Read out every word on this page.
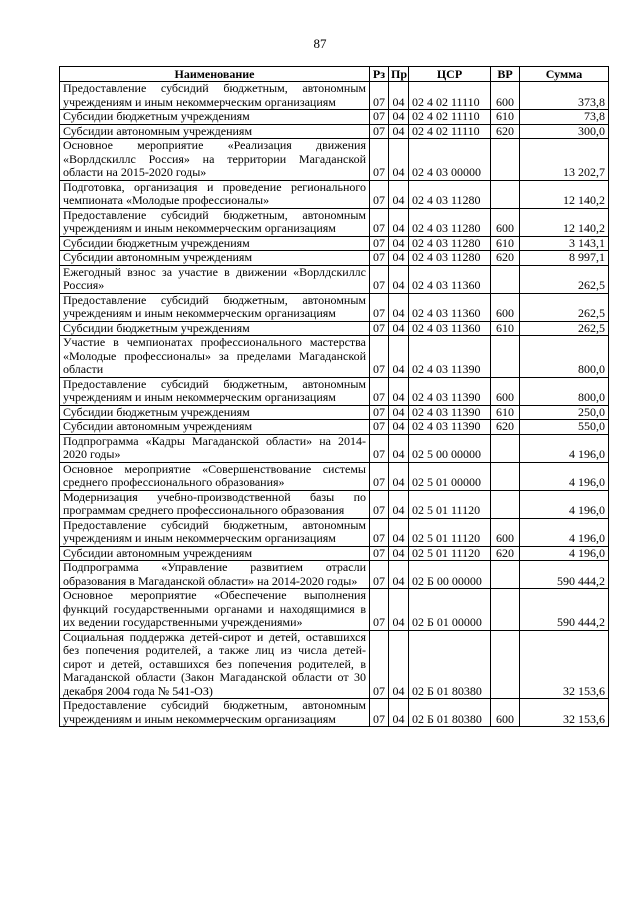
87
Наименование	Рз	Пр	ЦСР	ВР	Сумма
Предоставление субсидий бюджетным, автономным учреждениям и иным некоммерческим организациям	07	04	02 4 02 11110	600	373,8
Субсидии бюджетным учреждениям	07	04	02 4 02 11110	610	73,8
Субсидии автономным учреждениям	07	04	02 4 02 11110	620	300,0
Основное мероприятие «Реализация движения «Ворлдскиллс Россия» на территории Магаданской области на 2015-2020 годы»	07	04	02 4 03 00000		13 202,7
Подготовка, организация и проведение регионального чемпионата «Молодые профессионалы»	07	04	02 4 03 11280		12 140,2
Предоставление субсидий бюджетным, автономным учреждениям и иным некоммерческим организациям	07	04	02 4 03 11280	600	12 140,2
Субсидии бюджетным учреждениям	07	04	02 4 03 11280	610	3 143,1
Субсидии автономным учреждениям	07	04	02 4 03 11280	620	8 997,1
Ежегодный взнос за участие в движении «Ворлдскиллс Россия»	07	04	02 4 03 11360		262,5
Предоставление субсидий бюджетным, автономным учреждениям и иным некоммерческим организациям	07	04	02 4 03 11360	600	262,5
Субсидии бюджетным учреждениям	07	04	02 4 03 11360	610	262,5
Участие в чемпионатах профессионального мастерства «Молодые профессионалы» за пределами Магаданской области	07	04	02 4 03 11390		800,0
Предоставление субсидий бюджетным, автономным учреждениям и иным некоммерческим организациям	07	04	02 4 03 11390	600	800,0
Субсидии бюджетным учреждениям	07	04	02 4 03 11390	610	250,0
Субсидии автономным учреждениям	07	04	02 4 03 11390	620	550,0
Подпрограмма «Кадры Магаданской области» на 2014-2020 годы»	07	04	02 5 00 00000		4 196,0
Основное мероприятие «Совершенствование системы среднего профессионального образования»	07	04	02 5 01 00000		4 196,0
Модернизация учебно-производственной базы по программам среднего профессионального образования	07	04	02 5 01 11120		4 196,0
Предоставление субсидий бюджетным, автономным учреждениям и иным некоммерческим организациям	07	04	02 5 01 11120	600	4 196,0
Субсидии автономным учреждениям	07	04	02 5 01 11120	620	4 196,0
Подпрограмма «Управление развитием отрасли образования в Магаданской области» на 2014-2020 годы»	07	04	02 Б 00 00000		590 444,2
Основное мероприятие «Обеспечение выполнения функций государственными органами и находящимися в их ведении государственными учреждениями»	07	04	02 Б 01 00000		590 444,2
Социальная поддержка детей-сирот и детей, оставшихся без попечения родителей, а также лиц из числа детей-сирот и детей, оставшихся без попечения родителей, в Магаданской области (Закон Магаданской области от 30 декабря 2004 года № 541-ОЗ)	07	04	02 Б 01 80380		32 153,6
Предоставление субсидий бюджетным, автономным учреждениям и иным некоммерческим организациям	07	04	02 Б 01 80380	600	32 153,6
